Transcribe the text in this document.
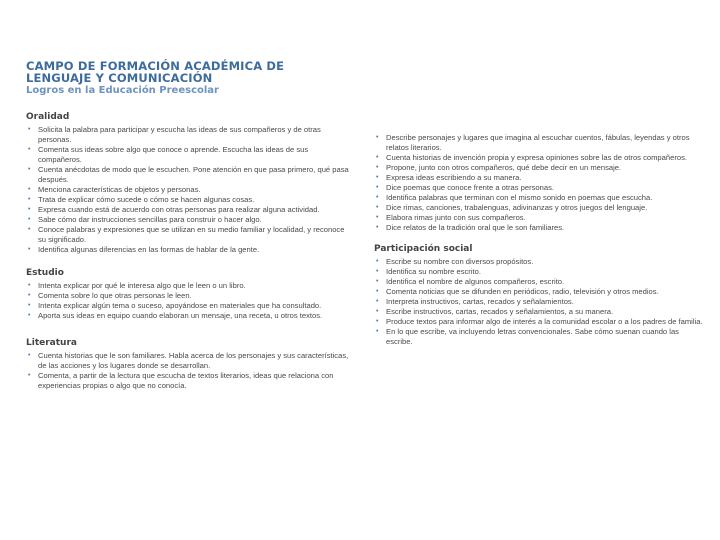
CAMPO DE FORMACIÓN ACADÉMICA DE
LENGUAJE Y COMUNICACIÓN
Logros en la Educación Preescolar
Oralidad
• Solicita la palabra para participar y escucha las ideas de sus compañeros y de otras personas.
• Comenta sus ideas sobre algo que conoce o aprende. Escucha las ideas de sus compañeros.
• Cuenta anécdotas de modo que le escuchen. Pone atención en que pasa primero, qué pasa después.
• Menciona características de objetos y personas.
• Trata de explicar cómo sucede o cómo se hacen algunas cosas.
• Expresa cuando está de acuerdo con otras personas para realizar alguna actividad.
• Sabe cómo dar instrucciones sencillas para construir o hacer algo.
• Conoce palabras y expresiones que se utilizan en su medio familiar y localidad, y reconoce su significado.
• Identifica algunas diferencias en las formas de hablar de la gente.
Estudio
• Intenta explicar por qué le interesa algo que le leen o un libro.
• Comenta sobre lo que otras personas le leen.
• Intenta explicar algún tema o suceso, apoyándose en materiales que ha consultado.
• Aporta sus ideas en equipo cuando elaboran un mensaje, una receta, u otros textos.
Literatura
• Cuenta historias que le son familiares. Habla acerca de los personajes y sus características, de las acciones y los lugares donde se desarrollan.
• Comenta, a partir de la lectura que escucha de textos literarios, ideas que relaciona con experiencias propias o algo que no conocía.
• Describe personajes y lugares que imagina al escuchar cuentos, fábulas, leyendas y otros relatos literarios.
• Cuenta historias de invención propia y expresa opiniones sobre las de otros compañeros.
• Propone, junto con otros compañeros, qué debe decir en un mensaje.
• Expresa ideas escribiendo a su manera.
• Dice poemas que conoce frente a otras personas.
• Identifica palabras que terminan con el mismo sonido en poemas que escucha.
• Dice rimas, canciones, trabalenguas, adivinanzas y otros juegos del lenguaje.
• Elabora rimas junto con sus compañeros.
• Dice relatos de la tradición oral que le son familiares.
Participación social
• Escribe su nombre con diversos propósitos.
• Identifica su nombre escrito.
• Identifica el nombre de algunos compañeros, escrito.
• Comenta noticias que se difunden en periódicos, radio, televisión y otros medios.
• Interpreta instructivos, cartas, recados y señalamientos.
• Escribe instructivos, cartas, recados y señalamientos, a su manera.
• Produce textos para informar algo de interés a la comunidad escolar o a los padres de familia.
• En lo que escribe, va incluyendo letras convencionales. Sabe cómo suenan cuando las escribe.
